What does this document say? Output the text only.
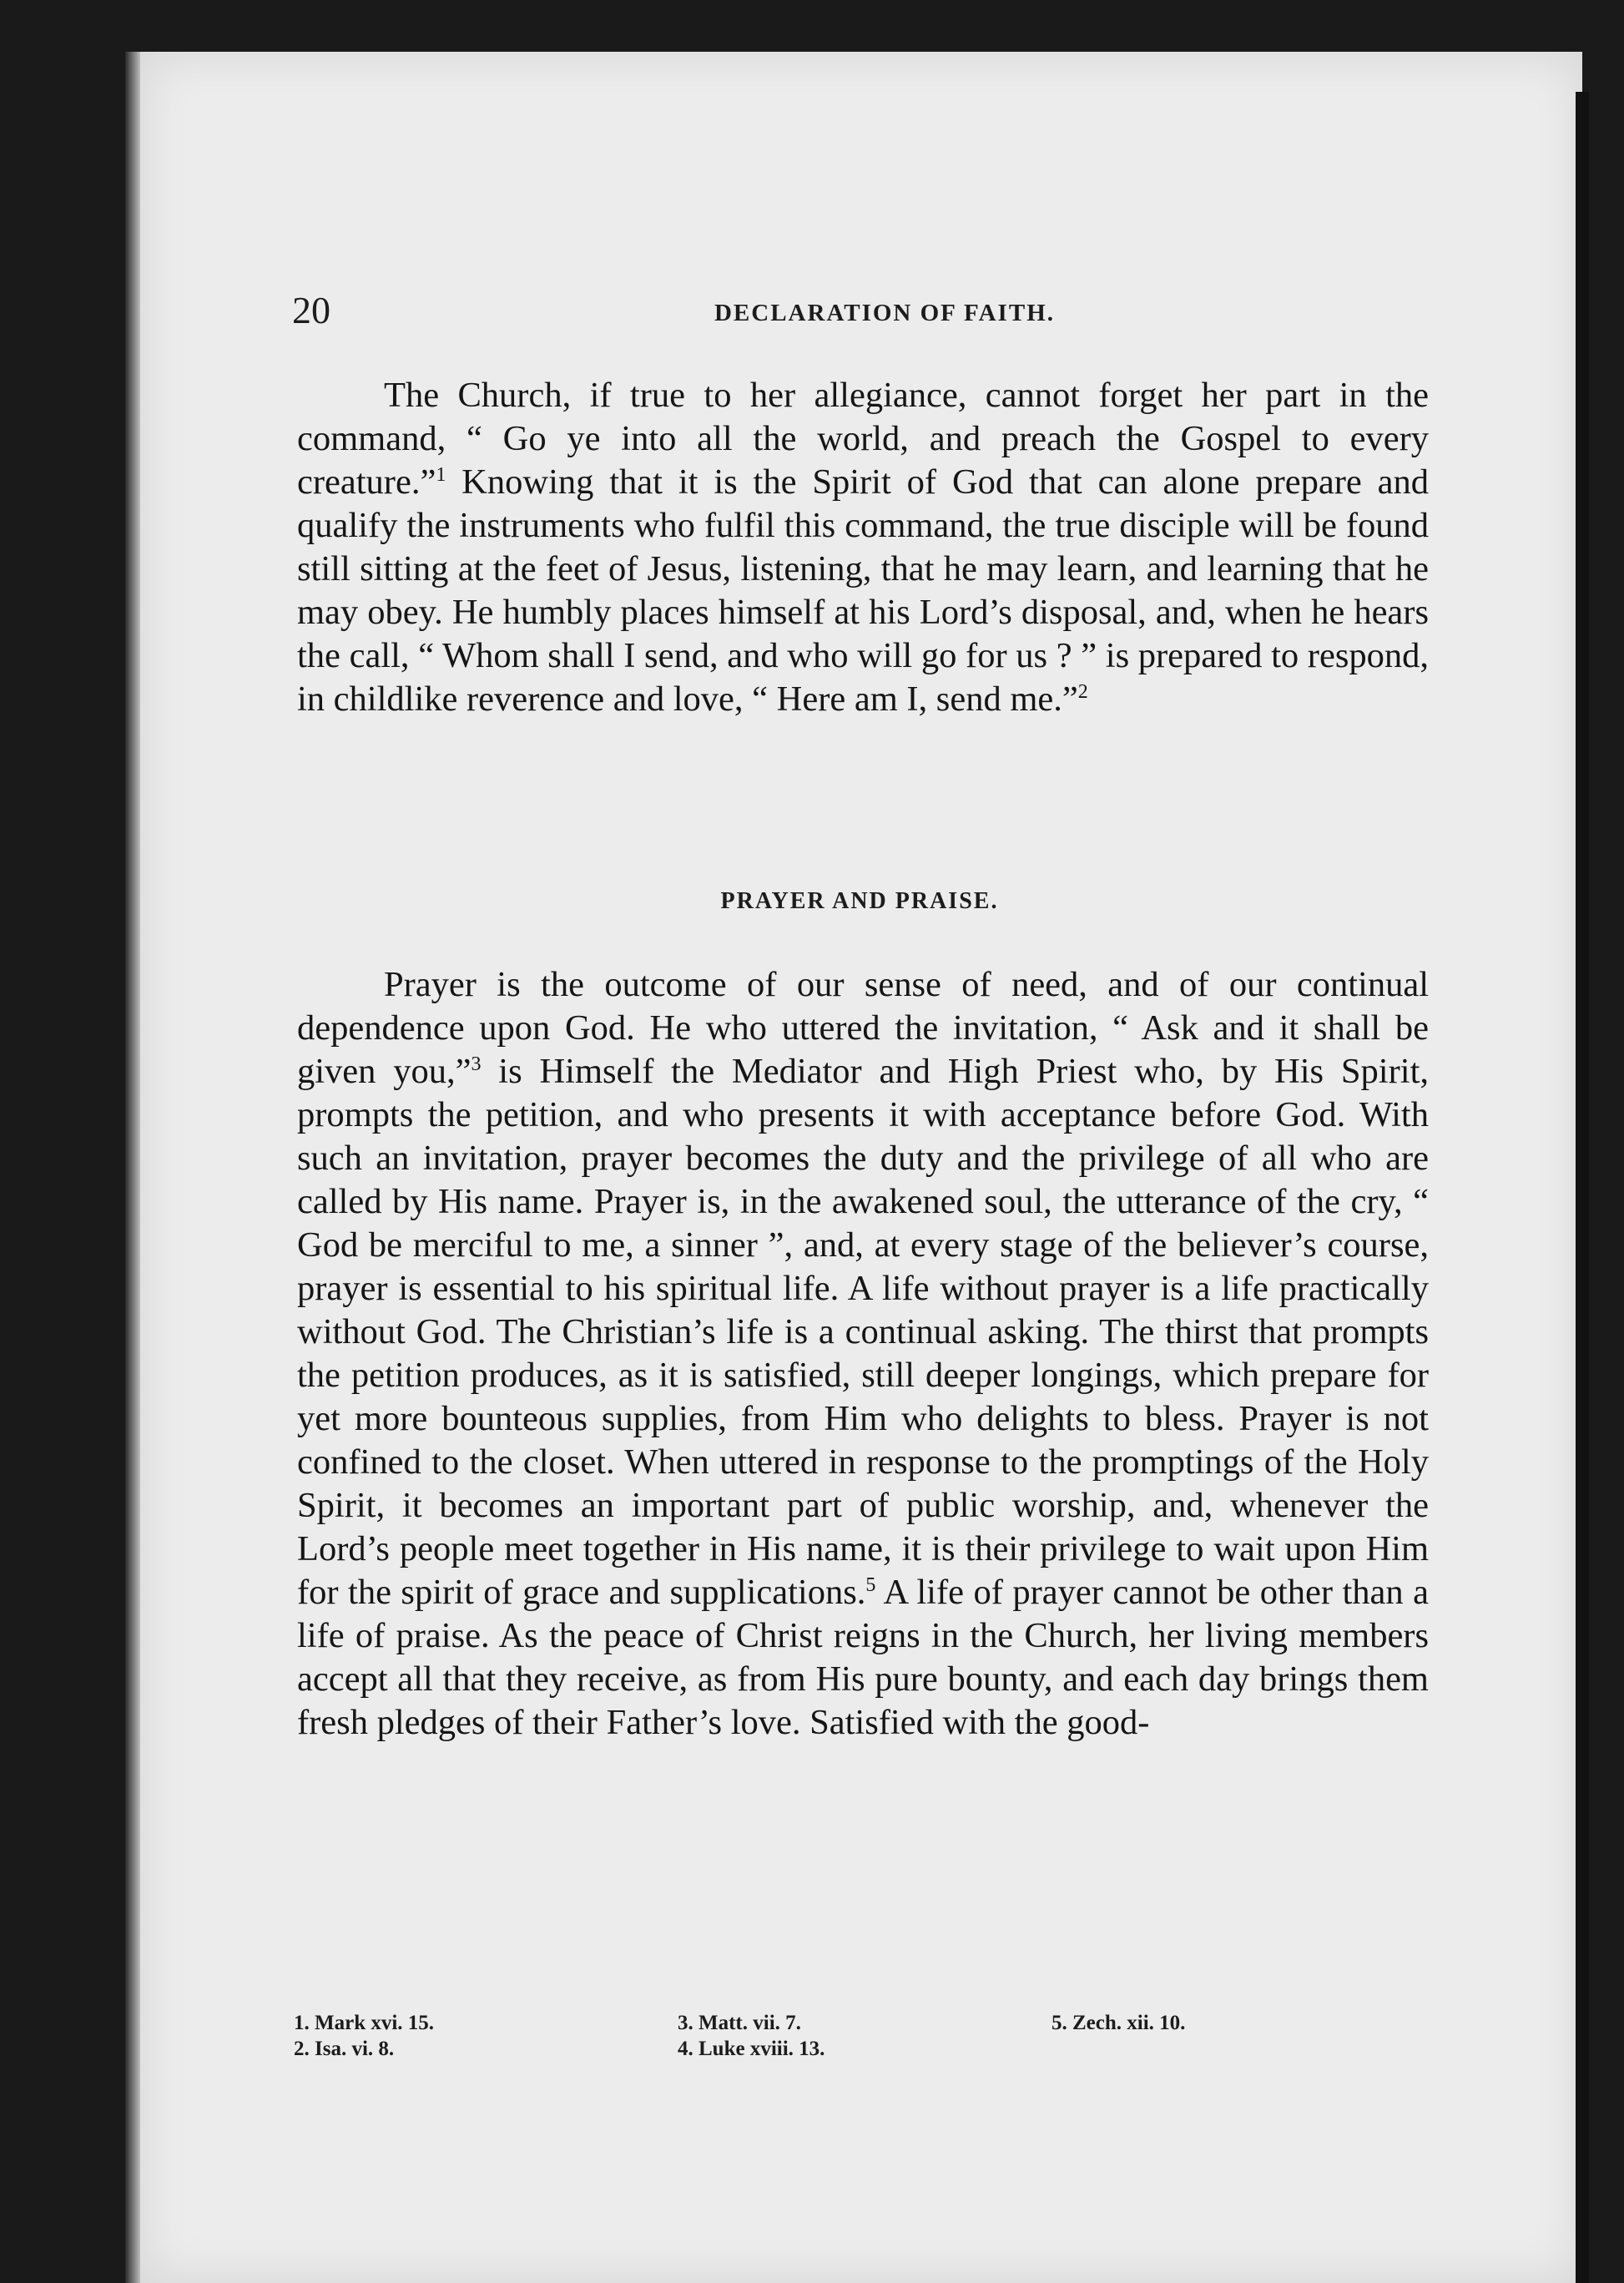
20	DECLARATION OF FAITH.

The Church, if true to her allegiance, cannot forget her part in the command, “ Go ye into all the world, and preach the Gospel to every creature.”$^1$ Knowing that it is the Spirit of God that can alone prepare and qualify the instruments who fulfil this command, the true disciple will be found still sitting at the feet of Jesus, listening, that he may learn, and learning that he may obey. He humbly places himself at his Lord’s disposal, and, when he hears the call, “ Whom shall I send, and who will go for us ? ” is prepared to respond, in childlike reverence and love, “ Here am I, send me.”$^2$

PRAYER AND PRAISE.

Prayer is the outcome of our sense of need, and of our continual dependence upon God. He who uttered the invitation, “ Ask and it shall be given you,”$^3$ is Himself the Mediator and High Priest who, by His Spirit, prompts the petition, and who presents it with acceptance before God. With such an invitation, prayer becomes the duty and the privilege of all who are called by His name. Prayer is, in the awakened soul, the utterance of the cry, “ God be merciful to me, a sinner ”, and, at every stage of the believer’s course, prayer is essential to his spiritual life. A life without prayer is a life practically without God. The Christian’s life is a continual asking. The thirst that prompts the petition produces, as it is satisfied, still deeper longings, which prepare for yet more bounteous supplies, from Him who delights to bless. Prayer is not confined to the closet. When uttered in response to the promptings of the Holy Spirit, it becomes an important part of public worship, and, whenever the Lord’s people meet together in His name, it is their privilege to wait upon Him for the spirit of grace and supplications.$^5$ A life of prayer cannot be other than a life of praise. As the peace of Christ reigns in the Church, her living members accept all that they receive, as from His pure bounty, and each day brings them fresh pledges of their Father’s love. Satisfied with the good-

1. Mark xvi. 15.
2. Isa. vi. 8.
3. Matt. vii. 7.
4. Luke xviii. 13.
5. Zech. xii. 10.
